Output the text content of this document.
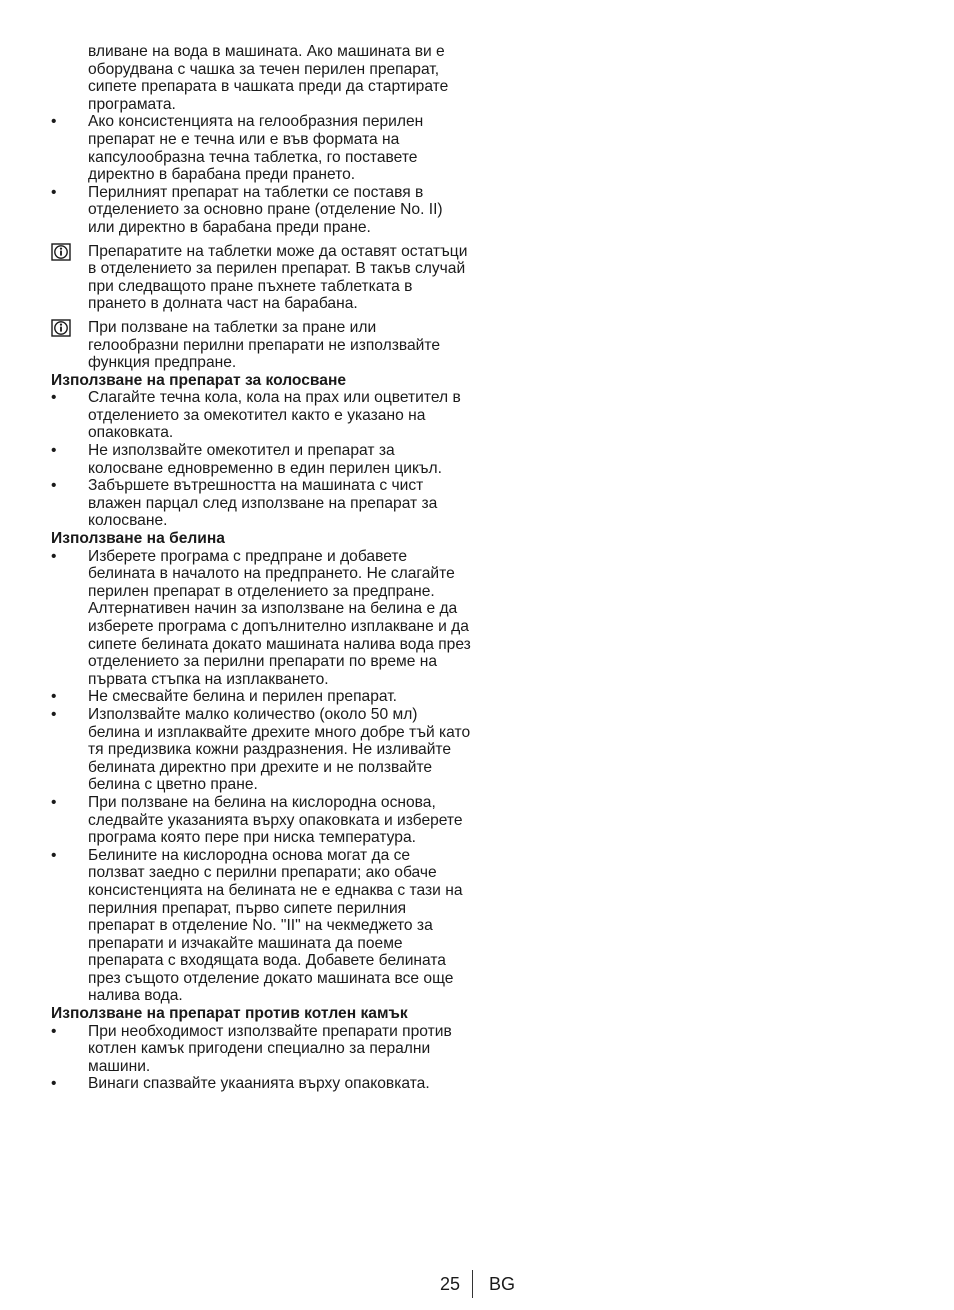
вливане на вода в машината. Ако машината ви е оборудвана с чашка за течен перилен препарат, сипете препарата в чашката преди да стартирате програмата.
• Ако консистенцията на гелообразния перилен препарат не е течна или е във формата на капсулообразна течна таблетка, го поставете директно в барабана преди прането.
• Перилният препарат на таблетки се поставя в отделението за основно пране (отделение No. II) или директно в барабана преди пране.
Препаратите на таблетки може да оставят остатъци в отделението за перилен препарат. В такъв случай при следващото пране пъхнете таблетката в прането в долната част на барабана.
При ползване на таблетки за пране или гелообразни перилни препарати не използвайте функция предпране.
Използване на препарат за колосване
• Слагайте течна кола, кола на прах или оцветител в отделението за омекотител както е указано на опаковката.
• Не използвайте омекотител и препарат за колосване едновременно в един перилен цикъл.
• Забършете вътрешността на машината с чист влажен парцал след използване на препарат за колосване.
Използване на белина
• Изберете програма с предпране и добавете белината в началото на предпрането. Не слагайте перилен препарат в отделението за предпране. Алтернативен начин за използване на белина е да изберете програма с допълнително изплакване и да сипете белината докато машината налива вода през отделението за перилни препарати по време на първата стъпка на изплакването.
• Не смесвайте белина и перилен препарат.
• Използвайте малко количество (около 50 мл) белина и изплаквайте дрехите много добре тъй като тя предизвика кожни раздразнения. Не изливайте белината директно при дрехите и не ползвайте белина с цветно пране.
• При ползване на белина на кислородна основа, следвайте указанията върху опаковката и изберете програма която пере при ниска температура.
• Белините на кислородна основа могат да се ползват заедно с перилни препарати; ако обаче консистенцията на белината не е еднаква с тази на перилния препарат, първо сипете перилния препарат в отделение No. "II" на чекмеджето за препарати и изчакайте машината да поеме препарата с входящата вода. Добавете белината през същото отделение докато машината все още налива вода.
Използване на препарат против котлен камък
• При необходимост използвайте препарати против котлен камък пригодени специално за перални машини.
• Винаги спазвайте укаанията върху опаковката.
25 BG
